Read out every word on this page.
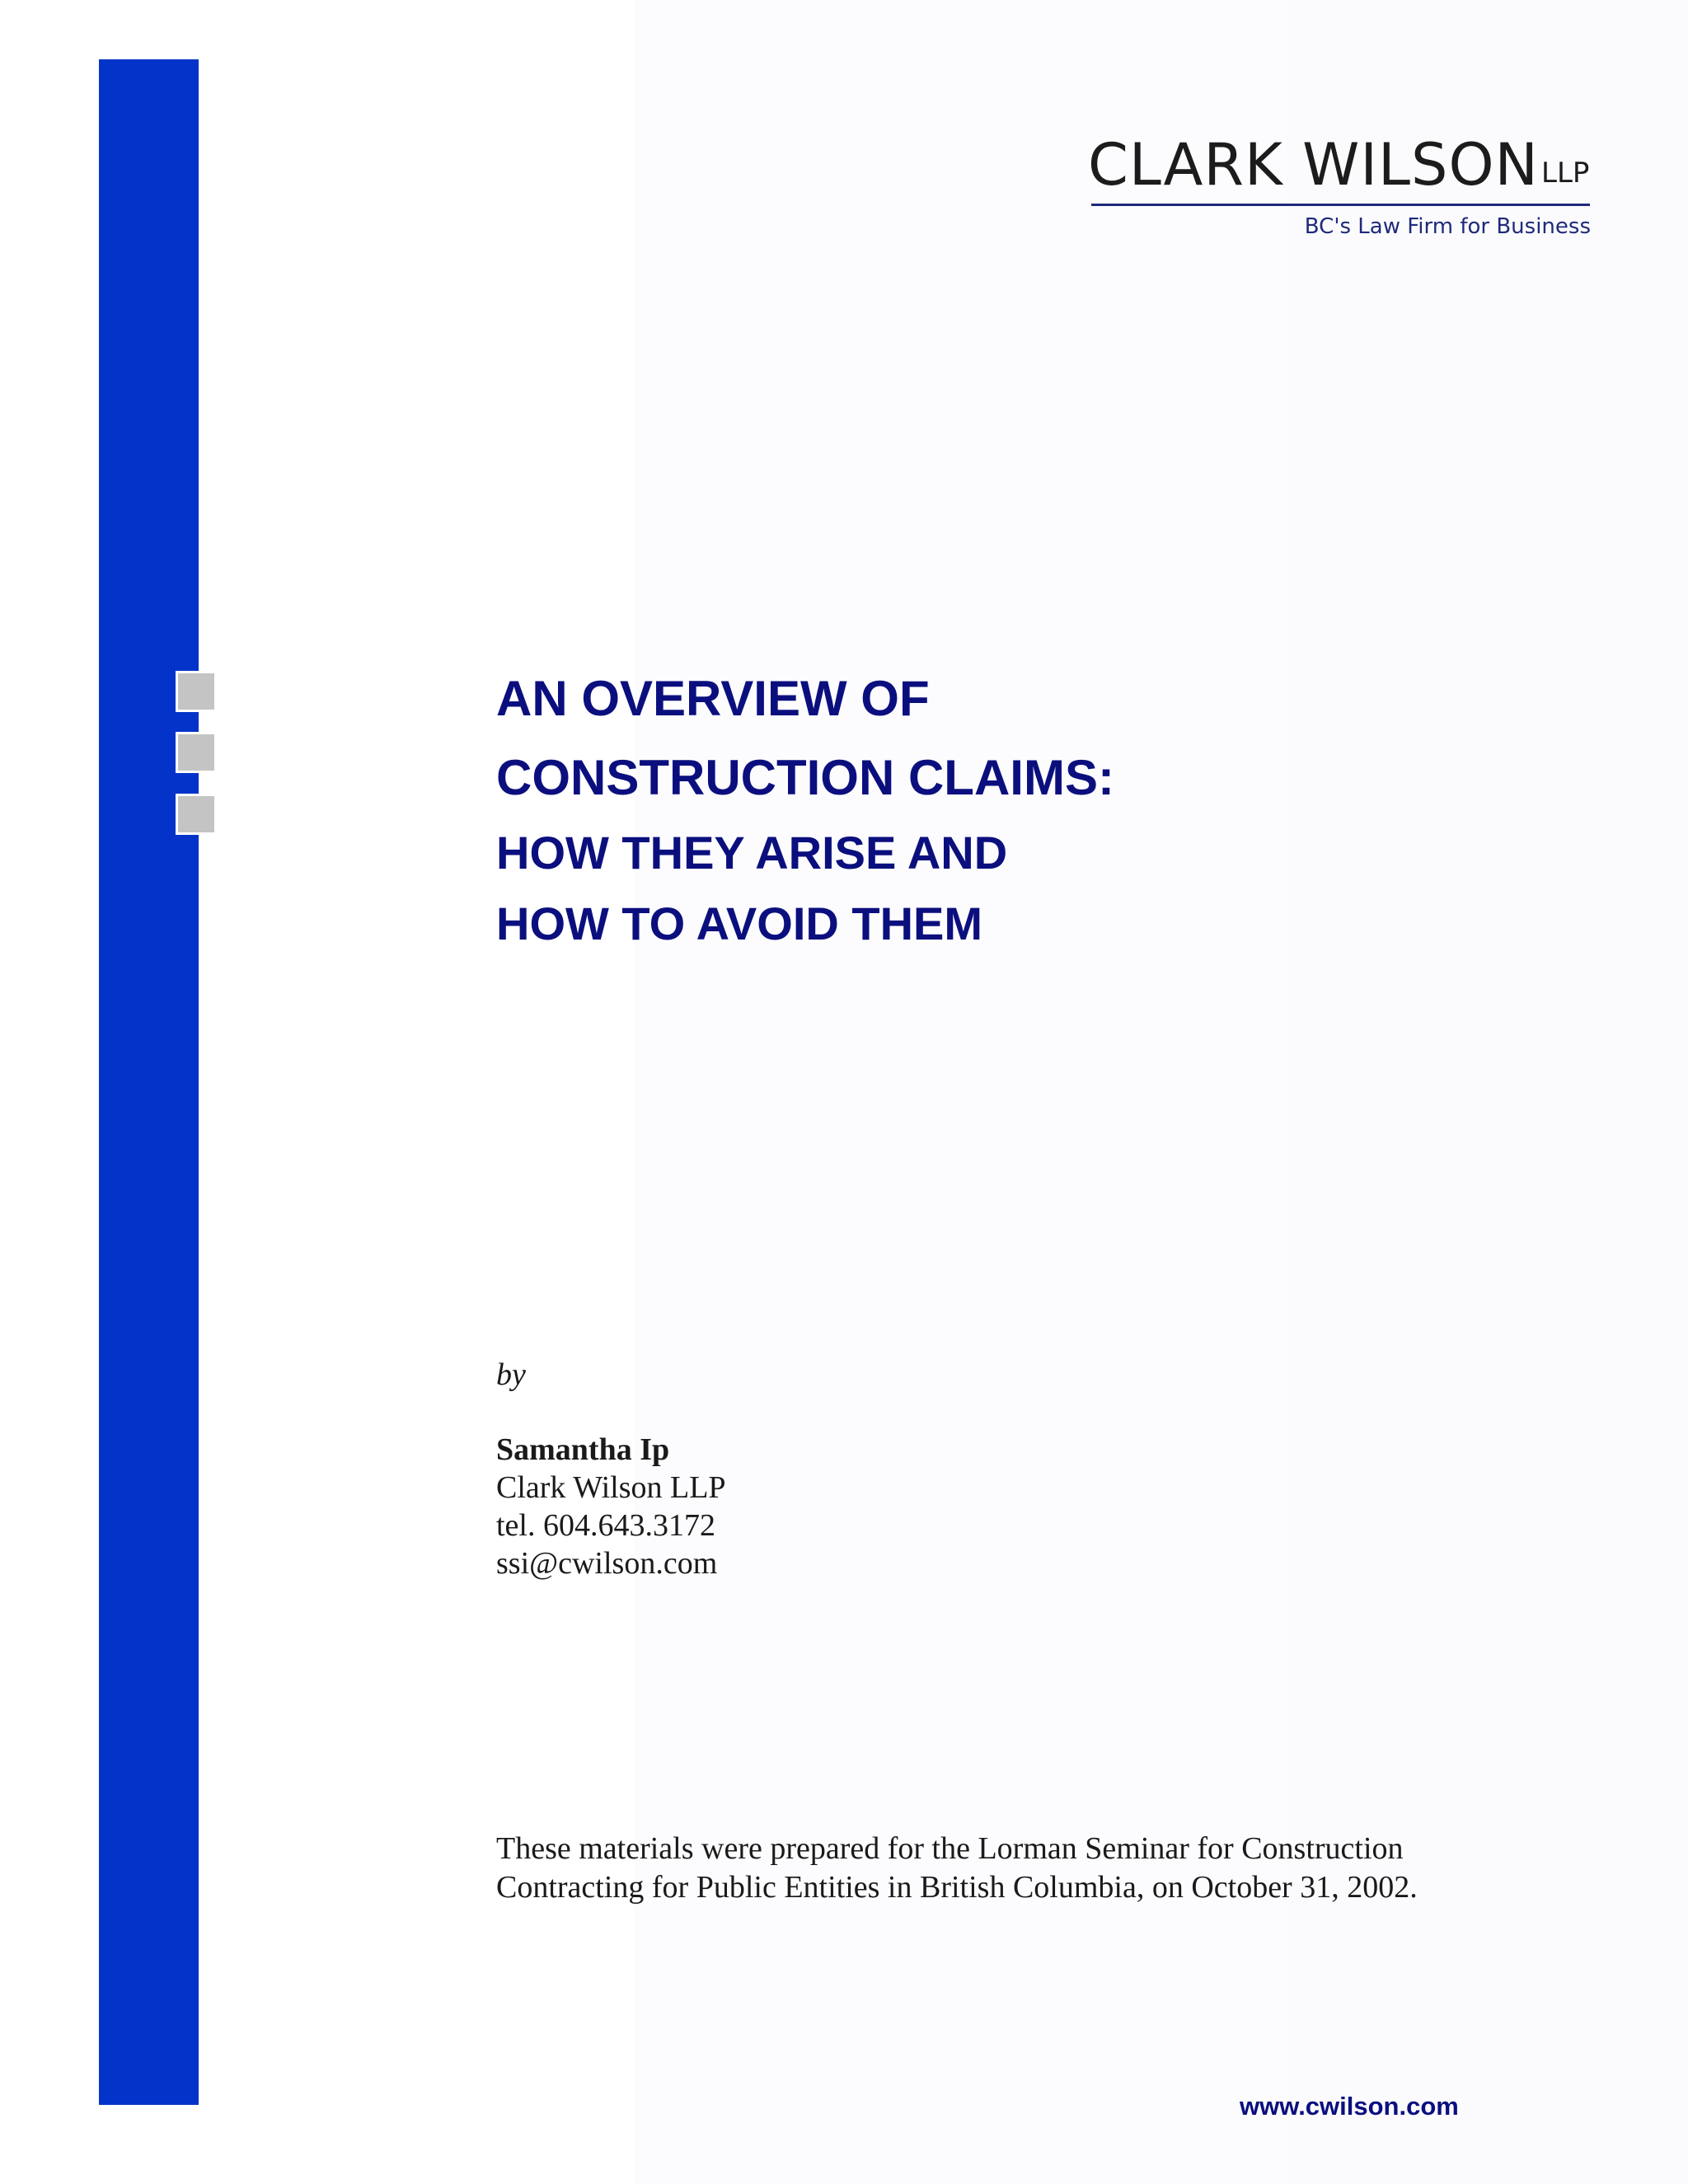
CLARK WILSON LLP
BC's Law Firm for Business
AN OVERVIEW OF
CONSTRUCTION CLAIMS:
HOW THEY ARISE AND
HOW TO AVOID THEM
by
Samantha Ip
Clark Wilson LLP
tel. 604.643.3172
ssi@cwilson.com
These materials were prepared for the Lorman Seminar for Construction
Contracting for Public Entities in British Columbia, on October 31, 2002.
www.cwilson.com
